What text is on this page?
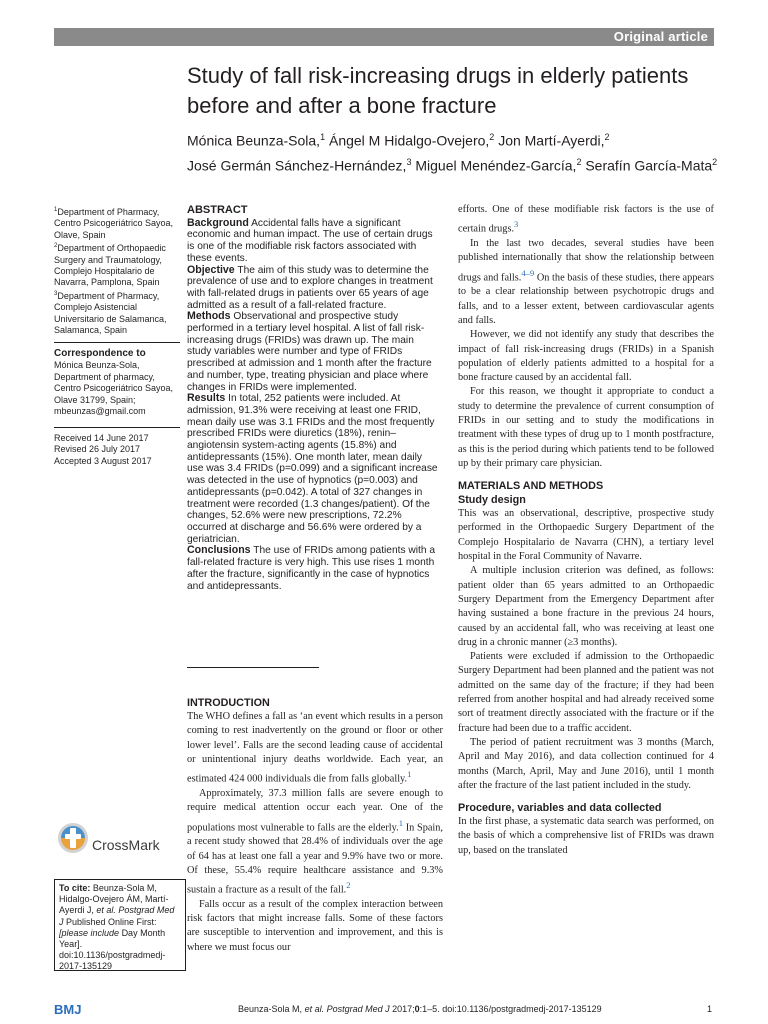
Original article
Study of fall risk-increasing drugs in elderly patients before and after a bone fracture
Mónica Beunza-Sola,$^1$ Ángel M Hidalgo-Ovejero,$^2$ Jon Martí-Ayerdi,$^2$
José Germán Sánchez-Hernández,$^3$ Miguel Menéndez-García,$^2$ Serafín García-Mata$^2$

$^1$Department of Pharmacy, Centro Psicogeriátrico Sayoa, Olave, Spain

$^2$Department of Orthopaedic Surgery and Traumatology, Complejo Hospitalario de Navarra, Pamplona, Spain

$^3$Department of Pharmacy, Complejo Asistencial Universitario de Salamanca, Salamanca, Spain

Correspondence to

Mónica Beunza-Sola,

Department of pharmacy,

Centro Psicogeriátrico Sayoa,

Olave 31799, Spain;

mbeunzas@gmail.com

Received 14 June 2017

Revised 26 July 2017

Accepted 3 August 2017

CrossMark
To cite: Beunza-Sola M, Hidalgo-Ovejero ÁM, Martí-Ayerdi J, et al. Postgrad Med J Published Online First: [please include Day Month Year]. doi:10.1136/postgradmedj-2017-135129
ABSTRACT

Background Accidental falls have a significant economic and human impact. The use of certain drugs is one of the modifiable risk factors associated with these events.

Objective The aim of this study was to determine the prevalence of use and to explore changes in treatment with fall-related drugs in patients over 65 years of age admitted as a result of a fall-related fracture.

Methods Observational and prospective study performed in a tertiary level hospital. A list of fall risk-increasing drugs (FRIDs) was drawn up. The main study variables were number and type of FRIDs prescribed at admission and 1 month after the fracture and number, type, treating physician and place where changes in FRIDs were implemented.

Results In total, 252 patients were included. At admission, 91.3% were receiving at least one FRID, mean daily use was 3.1 FRIDs and the most frequently prescribed FRIDs were diuretics (18%), renin–angiotensin system-acting agents (15.8%) and antidepressants (15%). One month later, mean daily use was 3.4 FRIDs (p=0.099) and a significant increase was detected in the use of hypnotics (p=0.003) and antidepressants (p=0.042). A total of 327 changes in treatment were recorded (1.3 changes/patient). Of the changes, 52.6% were new prescriptions, 72.2% occurred at discharge and 56.6% were ordered by a geriatrician.

Conclusions The use of FRIDs among patients with a fall-related fracture is very high. This use rises 1 month after the fracture, significantly in the case of hypnotics and antidepressants.

INTRODUCTION

The WHO defines a fall as ‘an event which results in a person coming to rest inadvertently on the ground or floor or other lower level’. Falls are the second leading cause of accidental or unintentional injury deaths worldwide. Each year, an estimated 424 000 individuals die from falls globally.$^1$

Approximately, 37.3 million falls are severe enough to require medical attention occur each year. One of the populations most vulnerable to falls are the elderly.$^1$ In Spain, a recent study showed that 28.4% of individuals over the age of 64 has at least one fall a year and 9.9% have two or more. Of these, 55.4% require healthcare assistance and 9.3% sustain a fracture as a result of the fall.$^2$

Falls occur as a result of the complex interaction between risk factors that might increase falls. Some of these factors are susceptible to intervention and improvement, and this is where we must focus our

efforts. One of these modifiable risk factors is the use of certain drugs.$^3$

In the last two decades, several studies have been published internationally that show the relationship between drugs and falls.$^{4-9}$ On the basis of these studies, there appears to be a clear relationship between psychotropic drugs and falls, and to a lesser extent, between cardiovascular agents and falls.

However, we did not identify any study that describes the impact of fall risk-increasing drugs (FRIDs) in a Spanish population of elderly patients admitted to a hospital for a bone fracture caused by an accidental fall.

For this reason, we thought it appropriate to conduct a study to determine the prevalence of current consumption of FRIDs in our setting and to study the modifications in treatment with these types of drug up to 1 month postfracture, as this is the period during which patients tend to be followed up by their primary care physician.

MATERIALS AND METHODS
Study design

This was an observational, descriptive, prospective study performed in the Orthopaedic Surgery Department of the Complejo Hospitalario de Navarra (CHN), a tertiary level hospital in the Foral Community of Navarre.

A multiple inclusion criterion was defined, as follows: patient older than 65 years admitted to an Orthopaedic Surgery Department from the Emergency Department after having sustained a bone fracture in the previous 24 hours, caused by an accidental fall, who was receiving at least one drug in a chronic manner (≥3 months).

Patients were excluded if admission to the Orthopaedic Surgery Department had been planned and the patient was not admitted on the same day of the fracture; if they had been referred from another hospital and had already received some sort of treatment directly associated with the fracture or if the fracture had been due to a traffic accident.

The period of patient recruitment was 3 months (March, April and May 2016), and data collection continued for 4 months (March, April, May and June 2016), until 1 month after the fracture of the last patient included in the study.

Procedure, variables and data collected

In the first phase, a systematic data search was performed, on the basis of which a comprehensive list of FRIDs was drawn up, based on the translated

BMJ	Beunza-Sola M, et al. Postgrad Med J 2017;0:1–5. doi:10.1136/postgradmedj-2017-135129	1
